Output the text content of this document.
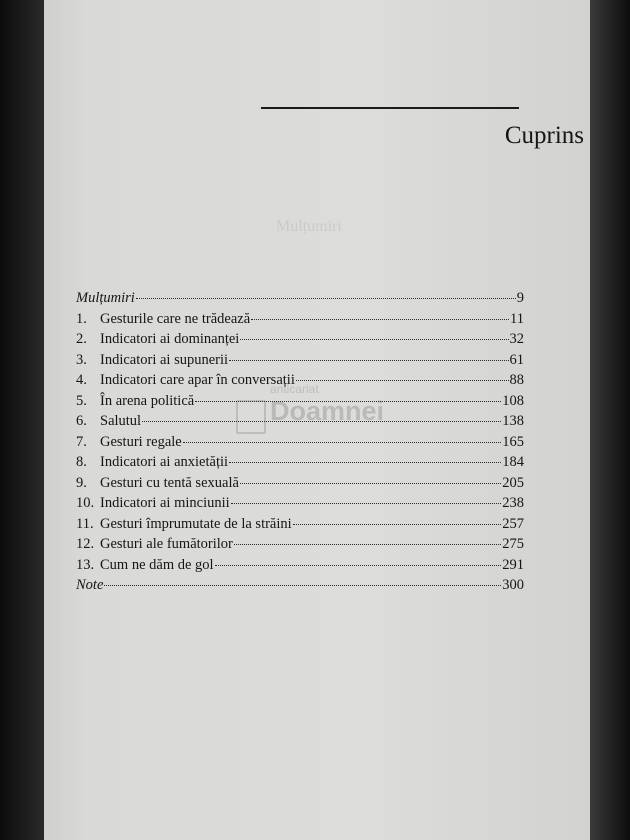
Mulțumiri
Cuprins
Mulțumiri	9
1. Gesturile care ne trădează	11
2. Indicatori ai dominanței	32
3. Indicatori ai supunerii	61
4. Indicatori care apar în conversații	88
5. În arena politică	108
6. Salutul	138
7. Gesturi regale	165
8. Indicatori ai anxietății	184
9. Gesturi cu tentă sexuală	205
10. Indicatori ai minciunii	238
11. Gesturi împrumutate de la străini	257
12. Gesturi ale fumătorilor	275
13. Cum ne dăm de gol	291
Note	300
anticariat
Doamnei
